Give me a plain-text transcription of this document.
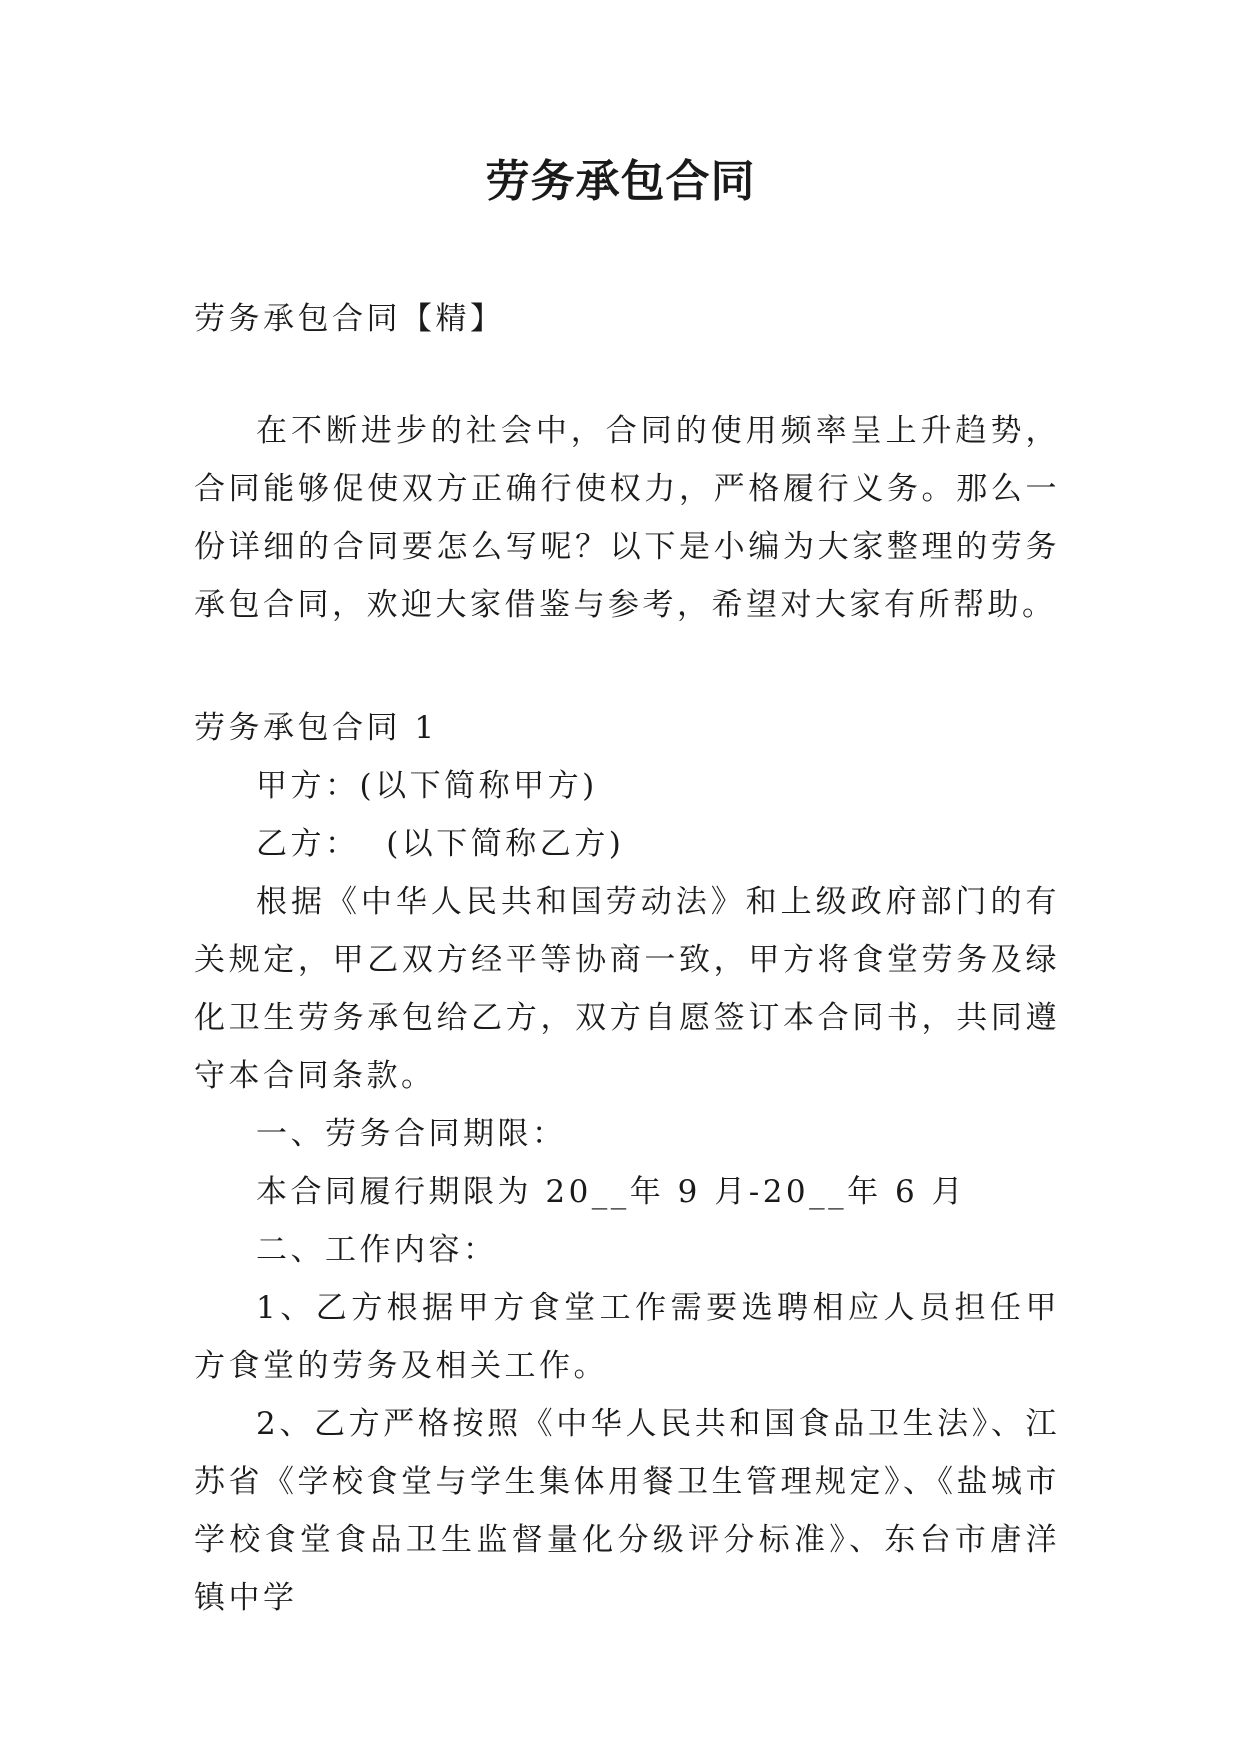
劳务承包合同

劳务承包合同【精】

在不断进步的社会中，合同的使用频率呈上升趋势，合同能够促使双方正确行使权力，严格履行义务。那么一份详细的合同要怎么写呢？以下是小编为大家整理的劳务承包合同，欢迎大家借鉴与参考，希望对大家有所帮助。

劳务承包合同 1

甲方：(以下简称甲方)

乙方：  (以下简称乙方)

根据《中华人民共和国劳动法》和上级政府部门的有关规定，甲乙双方经平等协商一致，甲方将食堂劳务及绿化卫生劳务承包给乙方，双方自愿签订本合同书，共同遵守本合同条款。

一、劳务合同期限：

本合同履行期限为 20__年 9 月-20__年 6 月

二、工作内容：

1、乙方根据甲方食堂工作需要选聘相应人员担任甲方食堂的劳务及相关工作。

2、乙方严格按照《中华人民共和国食品卫生法》、江苏省《学校食堂与学生集体用餐卫生管理规定》、《盐城市学校食堂食品卫生监督量化分级评分标准》、东台市唐洋镇中学
